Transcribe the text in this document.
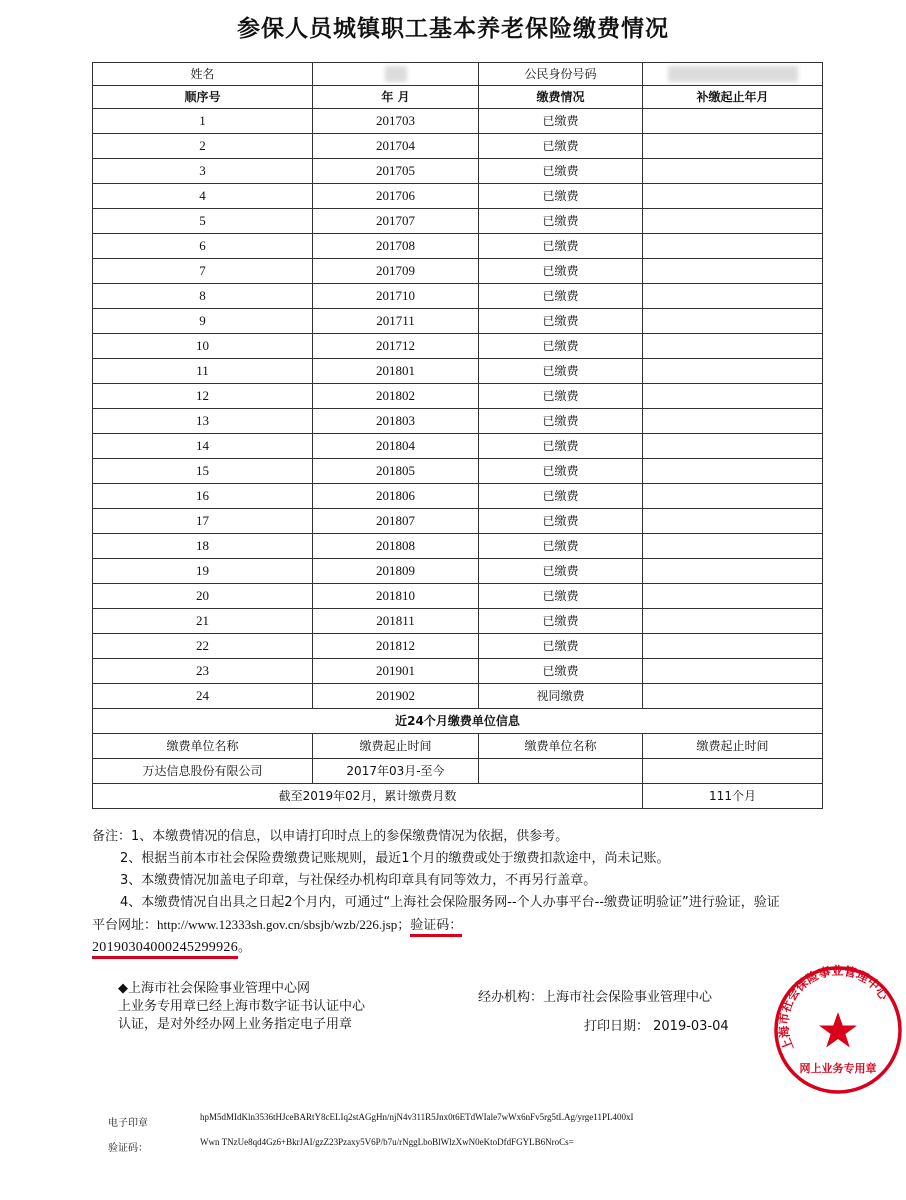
参保人员城镇职工基本养老保险缴费情况
姓名		公民身份号码	
顺序号	年 月	缴费情况	补缴起止年月
1	201703	已缴费	
2	201704	已缴费	
3	201705	已缴费	
4	201706	已缴费	
5	201707	已缴费	
6	201708	已缴费	
7	201709	已缴费	
8	201710	已缴费	
9	201711	已缴费	
10	201712	已缴费	
11	201801	已缴费	
12	201802	已缴费	
13	201803	已缴费	
14	201804	已缴费	
15	201805	已缴费	
16	201806	已缴费	
17	201807	已缴费	
18	201808	已缴费	
19	201809	已缴费	
20	201810	已缴费	
21	201811	已缴费	
22	201812	已缴费	
23	201901	已缴费	
24	201902	视同缴费	
近24个月缴费单位信息			
缴费单位名称	缴费起止时间	缴费单位名称	缴费起止时间
万达信息股份有限公司	2017年03月-至今		
截至2019年02月，累计缴费月数			111个月

备注：1、本缴费情况的信息，以申请打印时点上的参保缴费情况为依据，供参考。

2、根据当前本市社会保险费缴费记账规则，最近1个月的缴费或处于缴费扣款途中，尚未记账。

3、本缴费情况加盖电子印章，与社保经办机构印章具有同等效力，不再另行盖章。

4、本缴费情况自出具之日起2个月内，可通过“上海社会保险服务网--个人办事平台--缴费证明验证”进行验证，验证平台网址：http://www.12333sh.gov.cn/sbsjb/wzb/226.jsp；验证码：
20190304000245299926。

◆上海市社会保险事业管理中心网
上业务专用章已经上海市数字证书认证中心
认证，是对外经办网上业务指定电子用章
经办机构：上海市社会保险事业管理中心
打印日期： 2019-03-04
上海市社会保险事业管理中心
网上业务专用章
电子印章hpM5dMIdKln3536tHJceBARtY8cELIq2stAGgHn/njN4v311R5Jnx0t6ETdWIale7wWx6nFv5rg5tLAg/yrge11PL400xI
验证码：Wwn TNzUe8qd4Gz6+BkrJAI/gzZ23Pzaxy5V6P/b7u/rNggLboBlWlzXwN0eKtoDfdFGYLB6NroCs=
